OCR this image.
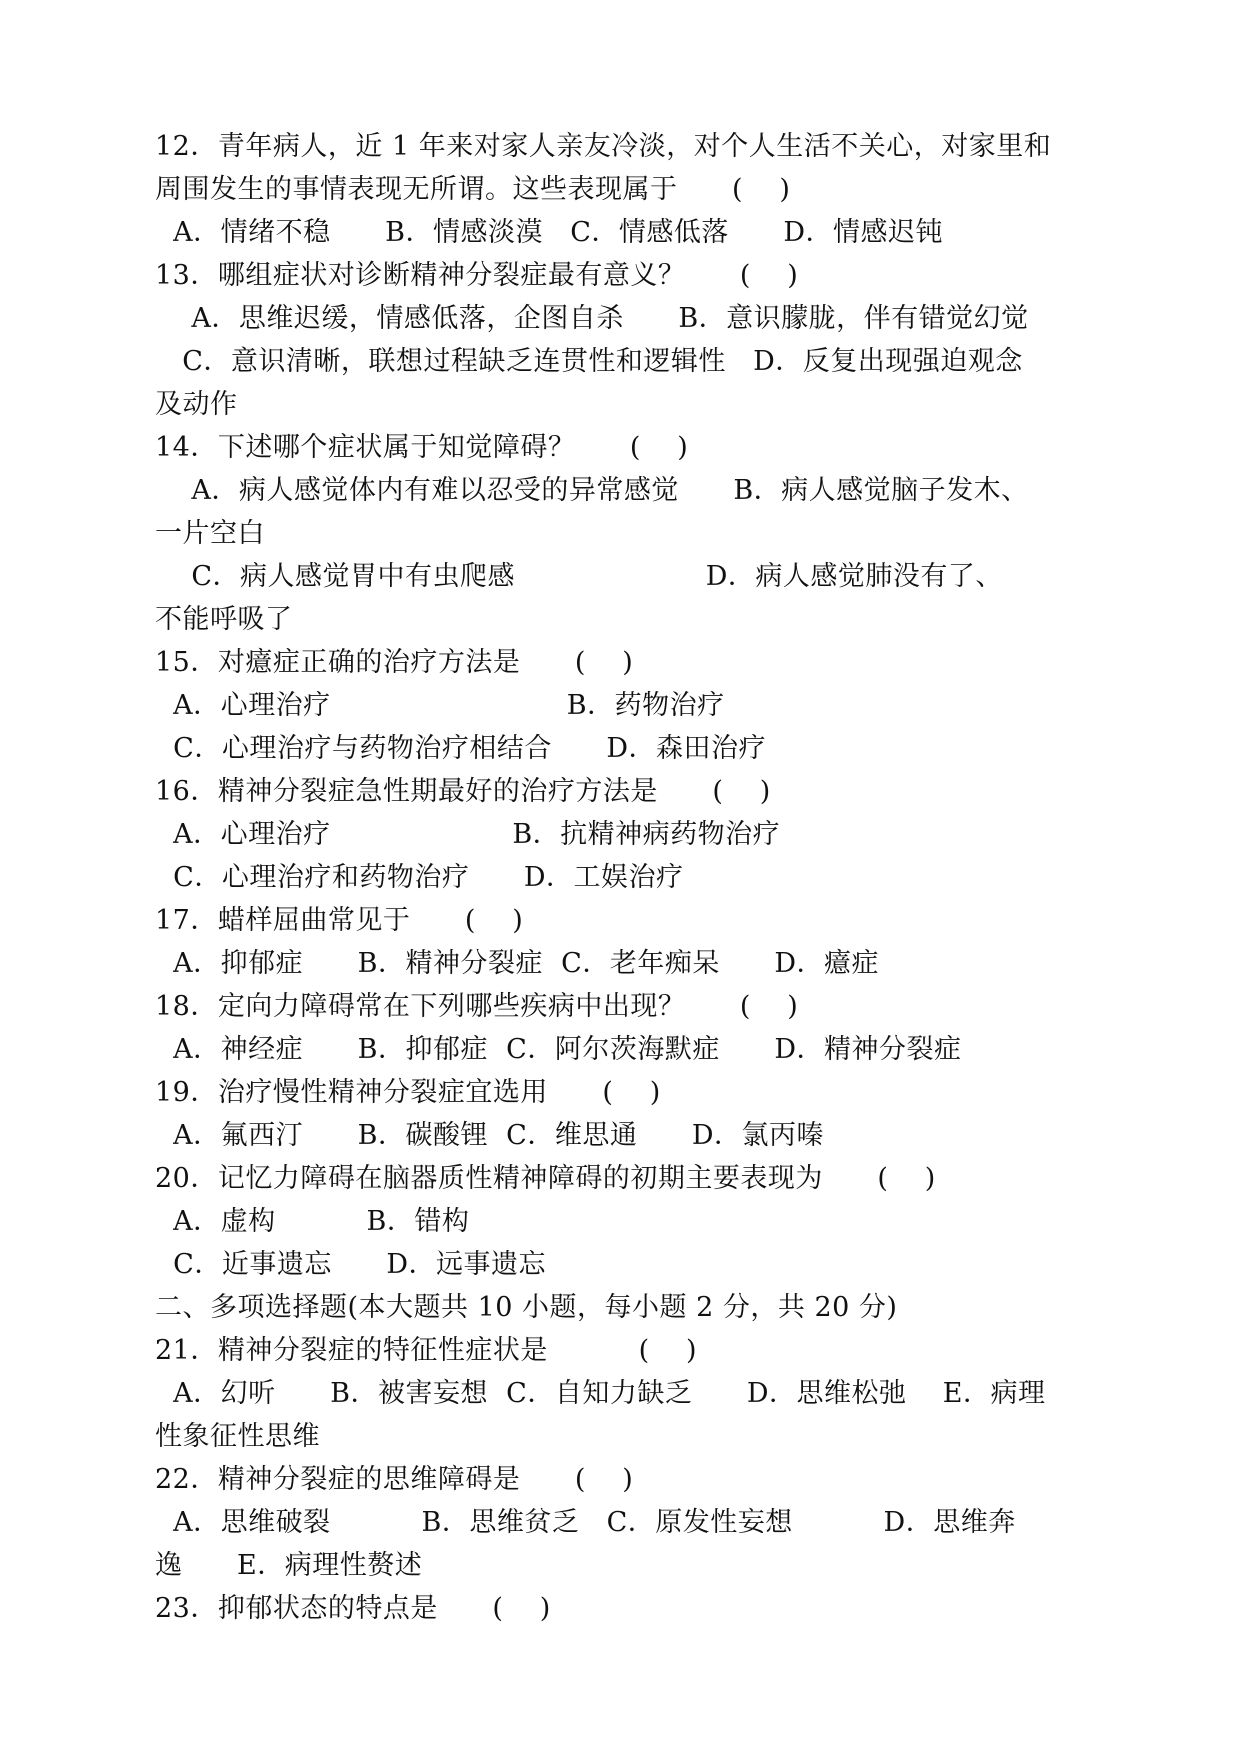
12．青年病人，近 1 年来对家人亲友冷淡，对个人生活不关心，对家里和
周围发生的事情表现无所谓。这些表现属于      (    )
A．情绪不稳      B．情感淡漠   C．情感低落      D．情感迟钝
13．哪组症状对诊断精神分裂症最有意义？      (    )
A．思维迟缓，情感低落，企图自杀      B．意识朦胧，伴有错觉幻觉
C．意识清晰，联想过程缺乏连贯性和逻辑性   D．反复出现强迫观念
及动作
14．下述哪个症状属于知觉障碍？      (    )
A．病人感觉体内有难以忍受的异常感觉      B．病人感觉脑子发木、
一片空白
C．病人感觉胃中有虫爬感                     D．病人感觉肺没有了、
不能呼吸了
15．对癔症正确的治疗方法是      (    )
A．心理治疗                          B．药物治疗
C．心理治疗与药物治疗相结合      D．森田治疗
16．精神分裂症急性期最好的治疗方法是      (    )
A．心理治疗                    B．抗精神病药物治疗
C．心理治疗和药物治疗      D．工娱治疗
17．蜡样屈曲常见于      (    )
A．抑郁症      B．精神分裂症  C．老年痴呆      D．癔症
18．定向力障碍常在下列哪些疾病中出现？      (    )
A．神经症      B．抑郁症  C．阿尔茨海默症      D．精神分裂症
19．治疗慢性精神分裂症宜选用      (    )
A．氟西汀      B．碳酸锂  C．维思通      D．氯丙嗪
20．记忆力障碍在脑器质性精神障碍的初期主要表现为      (    )
A．虚构          B．错构
C．近事遗忘      D．远事遗忘
二、多项选择题(本大题共 10 小题，每小题 2 分，共 20 分)
21．精神分裂症的特征性症状是          (    )
A．幻听      B．被害妄想  C．自知力缺乏      D．思维松弛    E．病理
性象征性思维
22．精神分裂症的思维障碍是      (    )
A．思维破裂          B．思维贫乏   C．原发性妄想          D．思维奔
逸      E．病理性赘述
23．抑郁状态的特点是      (    )
